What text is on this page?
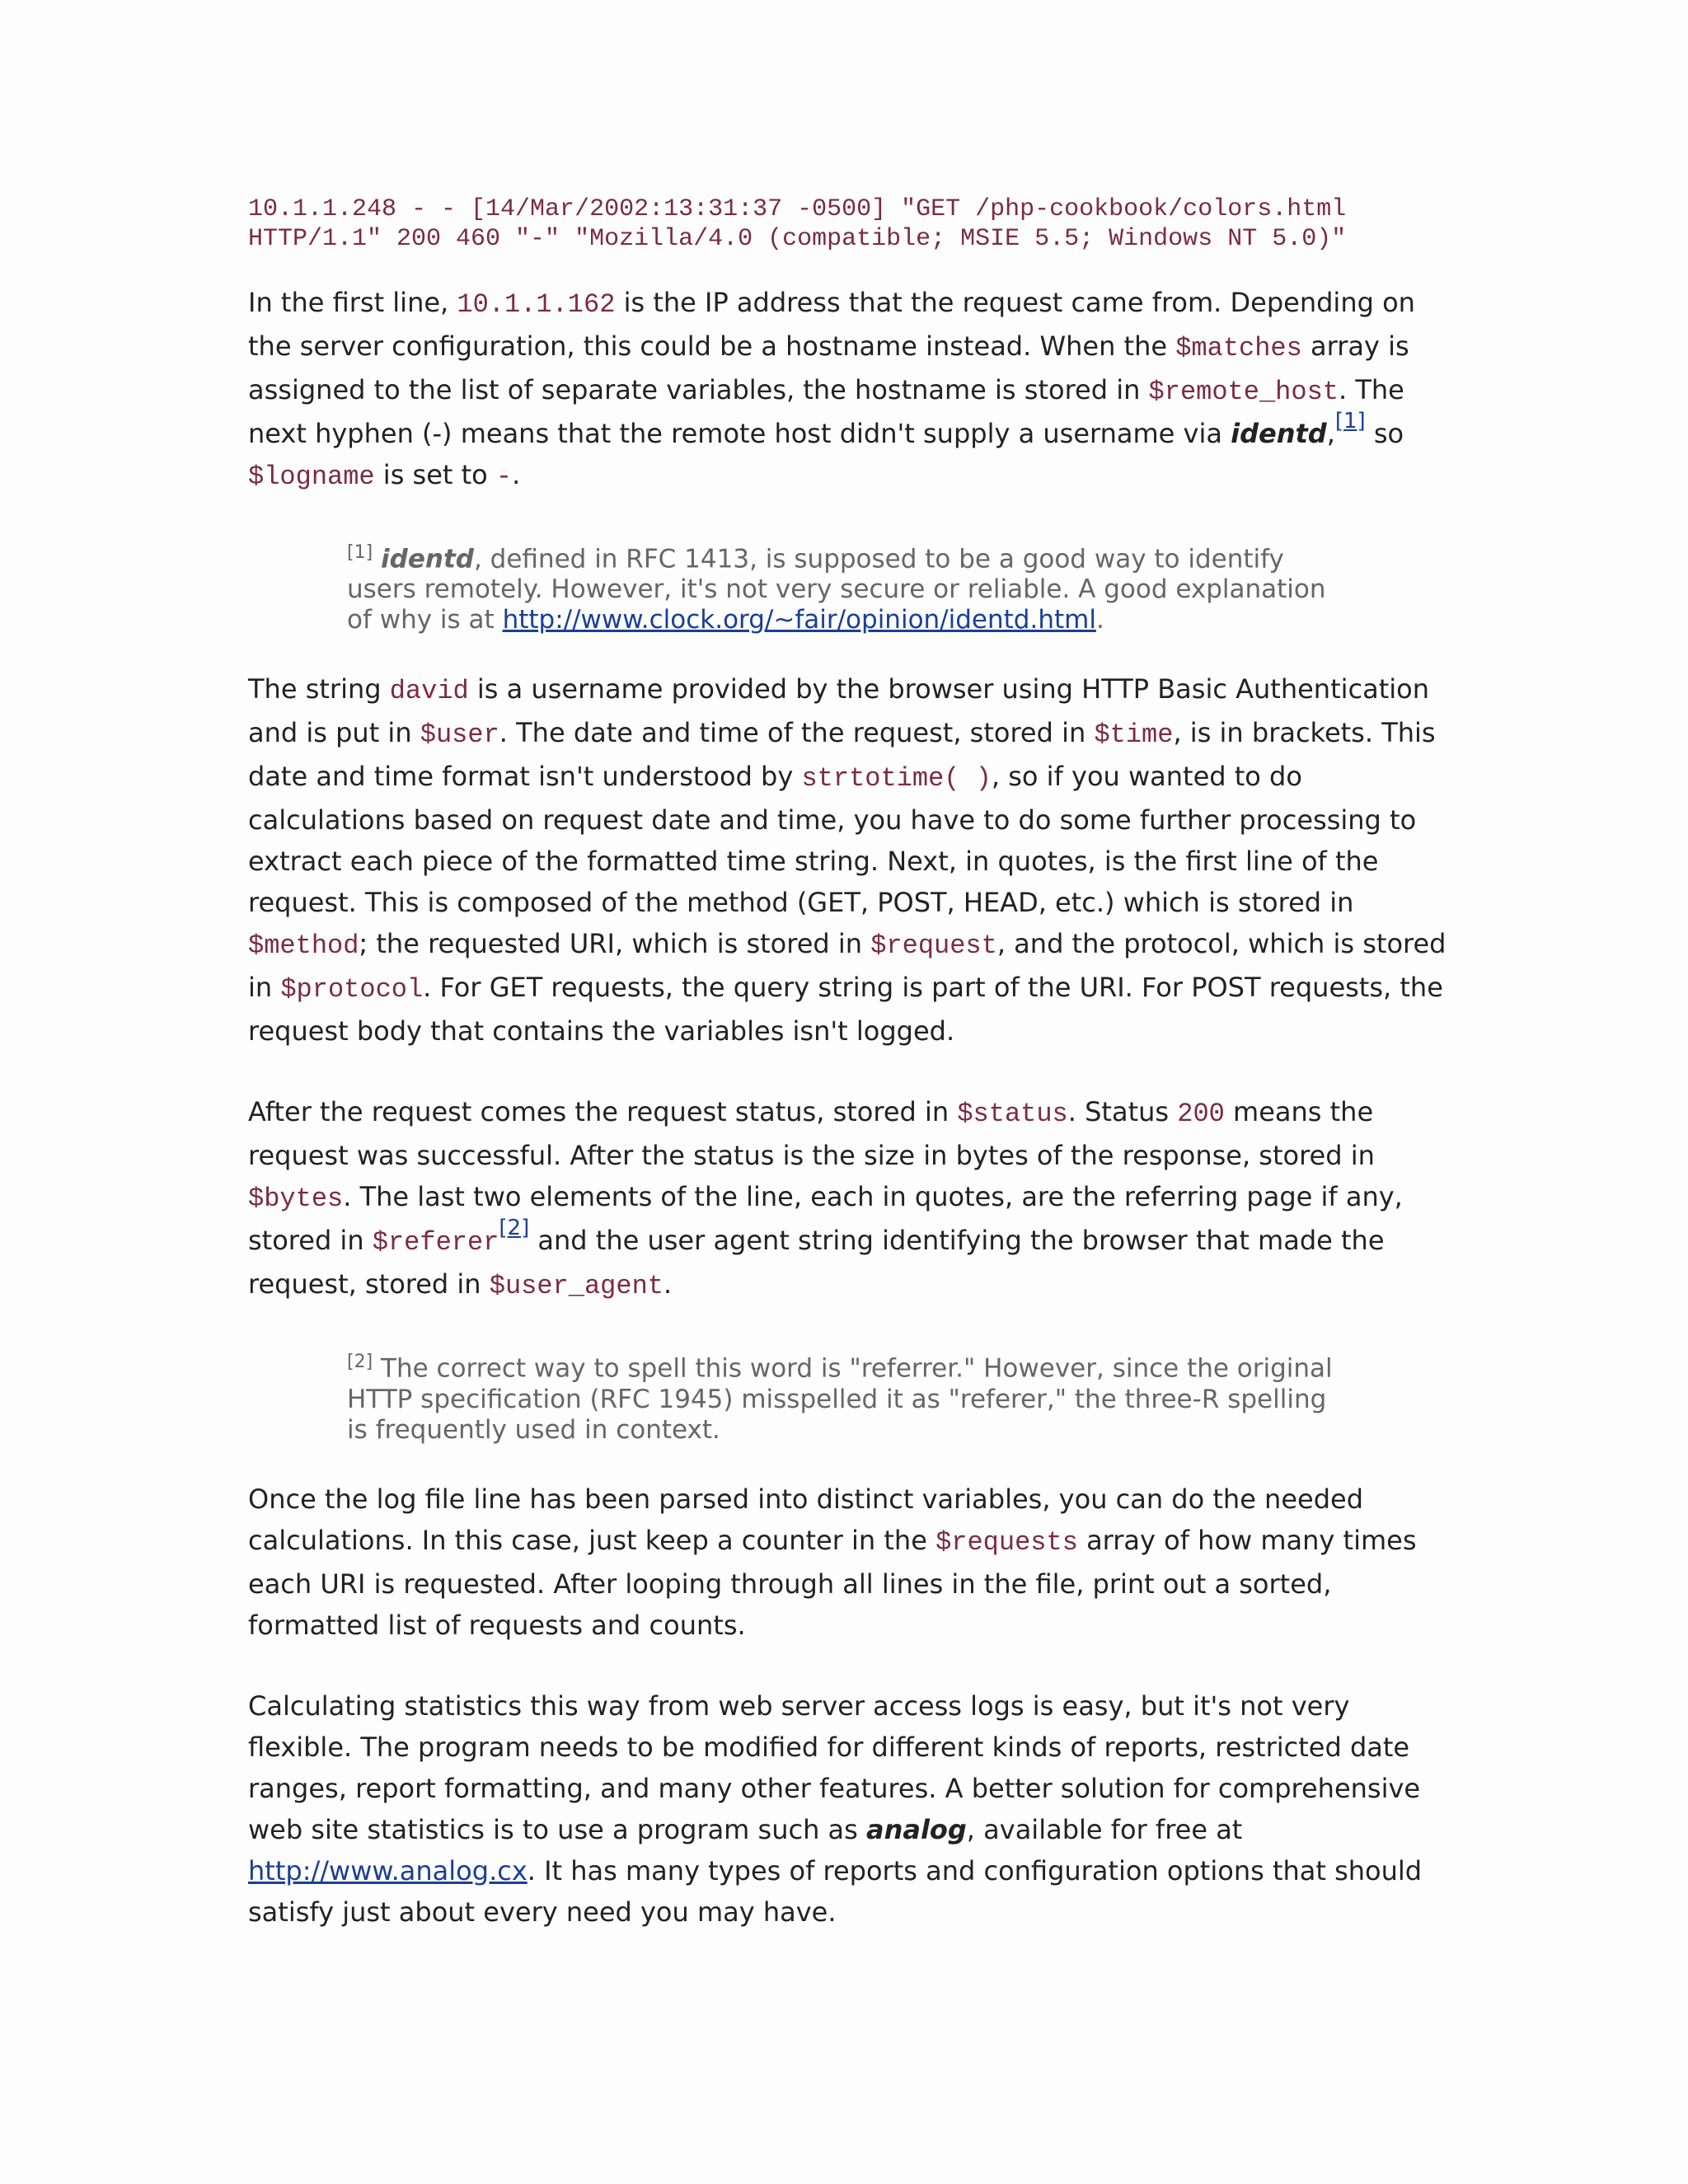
10.1.1.248 - - [14/Mar/2002:13:31:37 -0500] "GET /php-cookbook/colors.html
HTTP/1.1" 200 460 "-" "Mozilla/4.0 (compatible; MSIE 5.5; Windows NT 5.0)"

In the first line, 10.1.1.162 is the IP address that the request came from. Depending on the server configuration, this could be a hostname instead. When the $matches array is assigned to the list of separate variables, the hostname is stored in $remote_host. The next hyphen (-) means that the remote host didn't supply a username via identd,[1] so $logname is set to -.

[1] identd, defined in RFC 1413, is supposed to be a good way to identify users remotely. However, it's not very secure or reliable. A good explanation of why is at http://www.clock.org/~fair/opinion/identd.html.

The string david is a username provided by the browser using HTTP Basic Authentication and is put in $user. The date and time of the request, stored in $time, is in brackets. This date and time format isn't understood by strtotime( ), so if you wanted to do calculations based on request date and time, you have to do some further processing to extract each piece of the formatted time string. Next, in quotes, is the first line of the request. This is composed of the method (GET, POST, HEAD, etc.) which is stored in $method; the requested URI, which is stored in $request, and the protocol, which is stored in $protocol. For GET requests, the query string is part of the URI. For POST requests, the request body that contains the variables isn't logged.

After the request comes the request status, stored in $status. Status 200 means the request was successful. After the status is the size in bytes of the response, stored in $bytes. The last two elements of the line, each in quotes, are the referring page if any, stored in $referer[2] and the user agent string identifying the browser that made the request, stored in $user_agent.

[2] The correct way to spell this word is "referrer." However, since the original HTTP specification (RFC 1945) misspelled it as "referer," the three-R spelling is frequently used in context.

Once the log file line has been parsed into distinct variables, you can do the needed calculations. In this case, just keep a counter in the $requests array of how many times each URI is requested. After looping through all lines in the file, print out a sorted, formatted list of requests and counts.

Calculating statistics this way from web server access logs is easy, but it's not very flexible. The program needs to be modified for different kinds of reports, restricted date ranges, report formatting, and many other features. A better solution for comprehensive web site statistics is to use a program such as analog, available for free at http://www.analog.cx. It has many types of reports and configuration options that should satisfy just about every need you may have.
